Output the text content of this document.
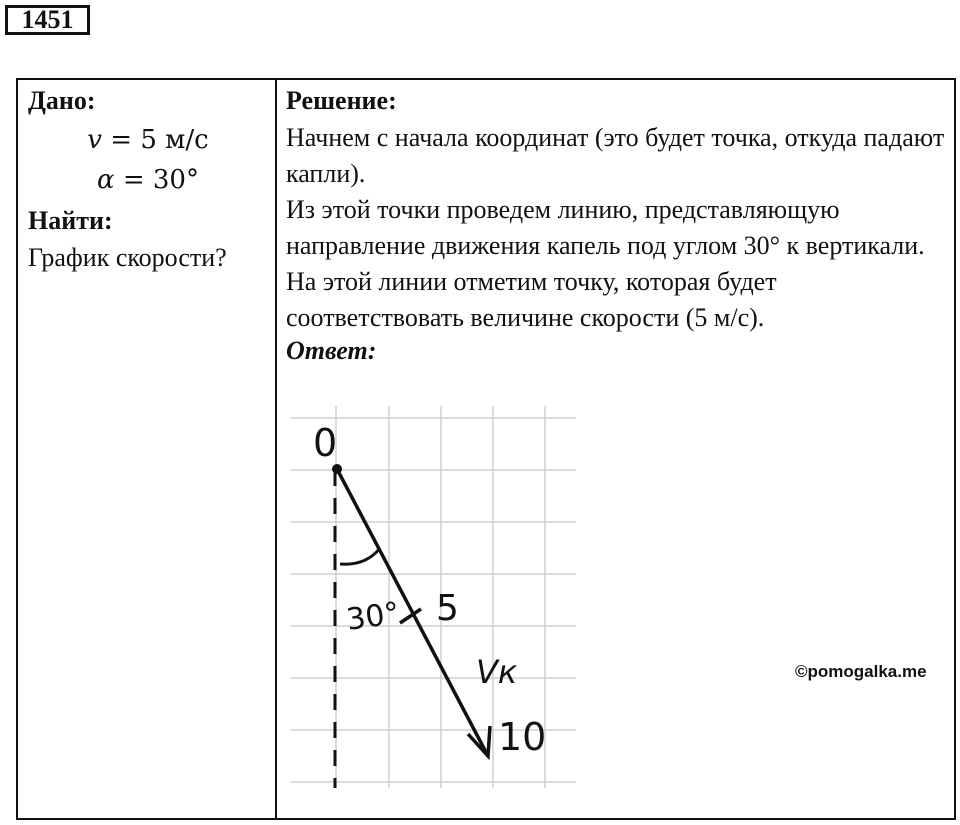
1451
Дано:
v = 5 м/с
α = 30°
Найти:
График скорости?
Решение:

Начнем с начала координат (это будет точка, откуда падают капли).

Из этой точки проведем линию, представляющую направление движения капель под углом 30° к вертикали.

На этой линии отметим точку, которая будет соответствовать величине скорости (5 м/с).

Ответ:
0
30° 5
Vк
10
©pomogalka.me
